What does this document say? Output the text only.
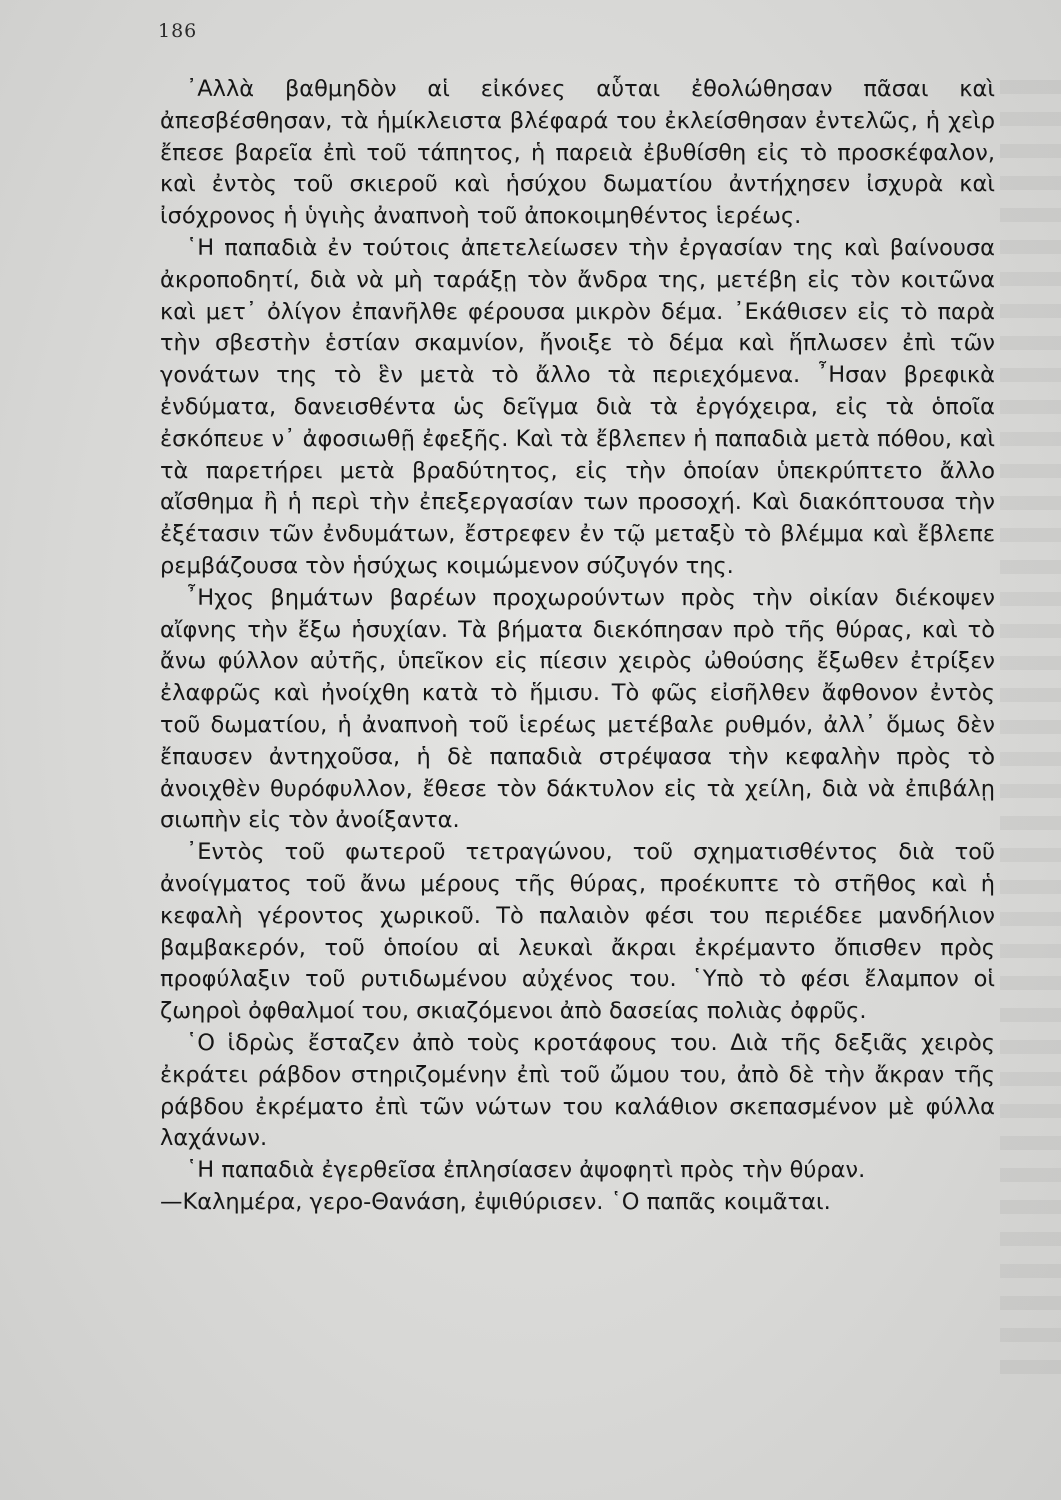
186

᾿Αλλὰ βαθμηδὸν αἱ εἰκόνες αὗται ἐθολώθησαν πᾶσαι καὶ ἀπεσβέσθησαν, τὰ ἡμίκλειστα βλέφαρά του ἐκλείσθησαν ἐντελῶς, ἡ χεὶρ ἔπεσε βαρεῖα ἐπὶ τοῦ τάπητος, ἡ παρειὰ ἐβυθίσθη εἰς τὸ προσκέφαλον, καὶ ἐντὸς τοῦ σκιεροῦ καὶ ἡσύχου δωματίου ἀντήχησεν ἰσχυρὰ καὶ ἰσόχρονος ἡ ὑγιὴς ἀναπνοὴ τοῦ ἀποκοιμηθέντος ἱερέως.

῾Η παπαδιὰ ἐν τούτοις ἀπετελείωσεν τὴν ἐργασίαν της καὶ βαίνουσα ἀκροποδητί, διὰ νὰ μὴ ταράξῃ τὸν ἄνδρα της, μετέβη εἰς τὸν κοιτῶνα καὶ μετ᾿ ὀλίγον ἐπανῆλθε φέρουσα μικρὸν δέμα. ᾿Εκάθισεν εἰς τὸ παρὰ τὴν σβεστὴν ἑστίαν σκαμνίον, ἤνοιξε τὸ δέμα καὶ ἥπλωσεν ἐπὶ τῶν γονάτων της τὸ ἓν μετὰ τὸ ἄλλο τὰ περιεχόμενα. ῏Ησαν βρεφικὰ ἐνδύματα, δανεισθέντα ὡς δεῖγμα διὰ τὰ ἐργόχειρα, εἰς τὰ ὁποῖα ἐσκόπευε ν᾿ ἀφοσιωθῇ ἐφεξῆς. Καὶ τὰ ἔβλεπεν ἡ παπαδιὰ μετὰ πόθου, καὶ τὰ παρετήρει μετὰ βραδύτητος, εἰς τὴν ὁποίαν ὑπεκρύπτετο ἄλλο αἴσθημα ἢ ἡ περὶ τὴν ἐπεξεργασίαν των προσοχή. Καὶ διακόπτουσα τὴν ἐξέτασιν τῶν ἐνδυμάτων, ἔστρεφεν ἐν τῷ μεταξὺ τὸ βλέμμα καὶ ἔβλεπε ρεμβάζουσα τὸν ἡσύχως κοιμώμενον σύζυγόν της.

῏Ηχος βημάτων βαρέων προχωρούντων πρὸς τὴν οἰκίαν διέκοψεν αἴφνης τὴν ἔξω ἡσυχίαν. Τὰ βήματα διεκόπησαν πρὸ τῆς θύρας, καὶ τὸ ἄνω φύλλον αὐτῆς, ὑπεῖκον εἰς πίεσιν χειρὸς ὠθούσης ἔξωθεν ἐτρίξεν ἐλαφρῶς καὶ ἠνοίχθη κατὰ τὸ ἥμισυ. Τὸ φῶς εἰσῆλθεν ἄφθονον ἐντὸς τοῦ δωματίου, ἡ ἀναπνοὴ τοῦ ἱερέως μετέβαλε ρυθμόν, ἀλλ᾿ ὅμως δὲν ἔπαυσεν ἀντηχοῦσα, ἡ δὲ παπαδιὰ στρέψασα τὴν κεφαλὴν πρὸς τὸ ἀνοιχθὲν θυρόφυλλον, ἔθεσε τὸν δάκτυλον εἰς τὰ χείλη, διὰ νὰ ἐπιβάλῃ σιωπὴν εἰς τὸν ἀνοίξαντα.

᾿Εντὸς τοῦ φωτεροῦ τετραγώνου, τοῦ σχηματισθέντος διὰ τοῦ ἀνοίγματος τοῦ ἄνω μέρους τῆς θύρας, προέκυπτε τὸ στῆθος καὶ ἡ κεφαλὴ γέροντος χωρικοῦ. Τὸ παλαιὸν φέσι του περιέδεε μανδήλιον βαμβακερόν, τοῦ ὁποίου αἱ λευκαὶ ἄκραι ἐκρέμαντο ὄπισθεν πρὸς προφύλαξιν τοῦ ρυτιδωμένου αὐχένος του. ῾Υπὸ τὸ φέσι ἔλαμπον οἱ ζωηροὶ ὀφθαλμοί του, σκιαζόμενοι ἀπὸ δασείας πολιὰς ὀφρῦς.

῾Ο ἱδρὼς ἔσταζεν ἀπὸ τοὺς κροτάφους του. Διὰ τῆς δεξιᾶς χειρὸς ἐκράτει ράβδον στηριζομένην ἐπὶ τοῦ ὤμου του, ἀπὸ δὲ τὴν ἄκραν τῆς ράβδου ἐκρέματο ἐπὶ τῶν νώτων του καλάθιον σκεπασμένον μὲ φύλλα λαχάνων.

῾Η παπαδιὰ ἐγερθεῖσα ἐπλησίασεν ἀψοφητὶ πρὸς τὴν θύραν.

—Καλημέρα, γερο-Θανάση, ἐψιθύρισεν. ῾Ο παπᾶς κοιμᾶται.
